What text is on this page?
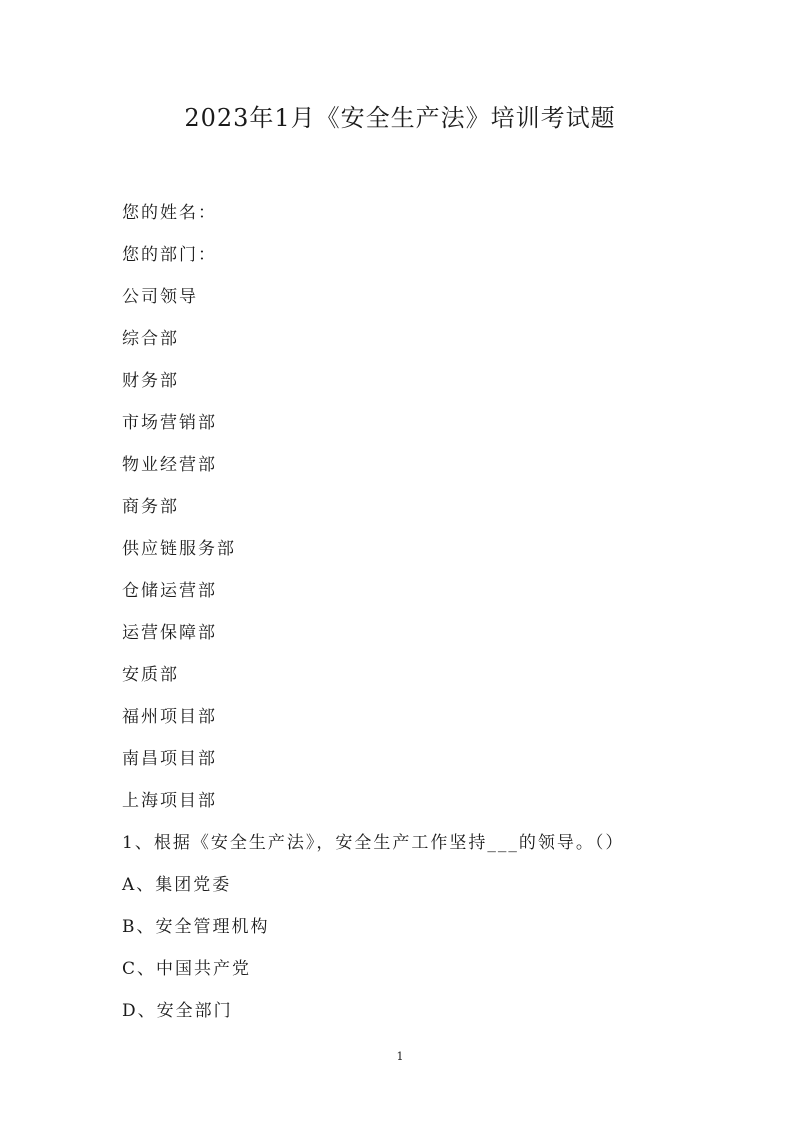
2023年1月《安全生产法》培训考试题
您的姓名：
您的部门：
公司领导
综合部
财务部
市场营销部
物业经营部
商务部
供应链服务部
仓储运营部
运营保障部
安质部
福州项目部
南昌项目部
上海项目部
1、根据《安全生产法》，安全生产工作坚持___的领导。（）
A、集团党委
B、安全管理机构
C、中国共产党
D、安全部门
1
